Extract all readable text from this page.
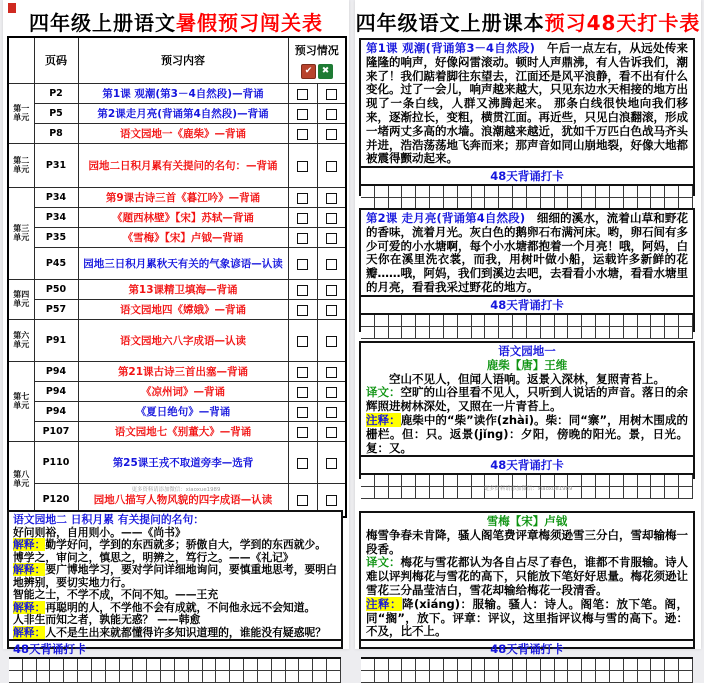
四年级上册语文暑假预习闯关表
	页码	预习内容	预习情况	
			✔	✖
第一
单元	P2	第1课 观潮(第3－4自然段)—背诵		
	P5	第2课走月亮(背诵第4自然段)—背诵		
	P8	语文园地一《鹿柴》—背诵		
第二
单元	P31	园地二日积月累有关提问的名句：—背诵		
第三
单元	P34	第9课古诗三首《暮江吟》—背诵		
	P34	《题西林壁》【宋】苏轼—背诵		
	P35	《雪梅》【宋】卢钺—背诵		
	P45	园地三日积月累秋天有关的气象谚语—认读		
第四
单元	P50	第13课精卫填海—背诵		
	P57	语文园地四《嫦娥》—背诵		
第六
单元	P91	语文园地六八字成语—认读		
第七
单元	P94	第21课古诗三首出塞—背诵		
	P94	《凉州词》—背诵		
	P94	《夏日绝句》—背诵		
	P107	语文园地七《别董大》—背诵		
第八
单元	P110	第25课王戎不取道旁李—选背		
	P120	园地八描写人物风貌的四字成语—认读		
更多资料请添加微信：xiaoxue1989
语文园地二 日积月累 有关提问的名句：
好问则裕，自用则小。——《尚书》
解释：勤学好问，学到的东西就多；骄傲自大，学到的东西就少。
博学之，审问之，慎思之，明辨之，笃行之。——《礼记》
解释：要广博地学习，要对学问详细地询问，要慎重地思考，要明白地辨别，要切实地力行。
智能之士，不学不成，不问不知。——王充
解释：再聪明的人，不学他不会有成就，不问他永远不会知道。
人非生而知之者，孰能无惑？ ——韩愈
解释：人不是生出来就都懂得许多知识道理的，谁能没有疑惑呢？
48天背诵打卡
四年级语文上册课本预习48天打卡表
第1课 观潮(背诵第3－4自然段)　 午后一点左右，从远处传来隆隆的响声，好像闷雷滚动。顿时人声鼎沸，有人告诉我们，潮来了！我们踮着脚往东望去，江面还是风平浪静，看不出有什么变化。过了一会儿，响声越来越大，只见东边水天相接的地方出现了一条白线，人群又沸腾起来。 那条白线很快地向我们移来，逐渐拉长，变粗，横贯江面。再近些，只见白浪翻滚，形成一堵两丈多高的水墙。浪潮越来越近，犹如千万匹白色战马齐头并进，浩浩荡荡地飞奔而来；那声音如同山崩地裂，好像大地都被震得颤动起来。
48天背诵打卡
第2课 走月亮(背诵第4自然段)　 细细的溪水，流着山草和野花的香味，流着月光。灰白色的鹅卵石布满河床。哟，卵石间有多少可爱的小水塘啊，每个小水塘都抱着一个月亮！哦，阿妈，白天你在溪里洗衣裳，而我，用树叶做小船，运载许多新鲜的花瓣……哦，阿妈，我们到溪边去吧，去看看小水塘，看看水塘里的月亮，看看我采过野花的地方。
48天背诵打卡
语文园地一
鹿柴【唐】王维
空山不见人，但闻人语响。返景入深林，复照青苔上。
译文：空旷的山谷里看不见人，只听到人说话的声音。落日的余辉照进树林深处，又照在一片青苔上。
注释：鹿柴中的“柴”读作(zhài)。柴：同“寨”，用树木围成的栅栏。但：只。返景(jǐng)：夕阳，傍晚的阳光。景，日光。复：又。
48天背诵打卡
更多资料请添加微信：xiaoxue1989
雪梅【宋】卢钺
梅雪争春未肯降，骚人阁笔费评章梅须逊雪三分白，雪却输梅一段香。
译文：梅花与雪花都认为各自占尽了春色，谁都不肯服输。诗人难以评判梅花与雪花的高下，只能放下笔好好思量。梅花须逊让雪花三分晶莹洁白，雪花却输给梅花一段清香。
注释：降(xiáng)：服输。骚人：诗人。阁笔：放下笔。阁，同“搁”，放下。评章：评议，这里指评议梅与雪的高下。逊：不及，比不上。
48天背诵打卡
